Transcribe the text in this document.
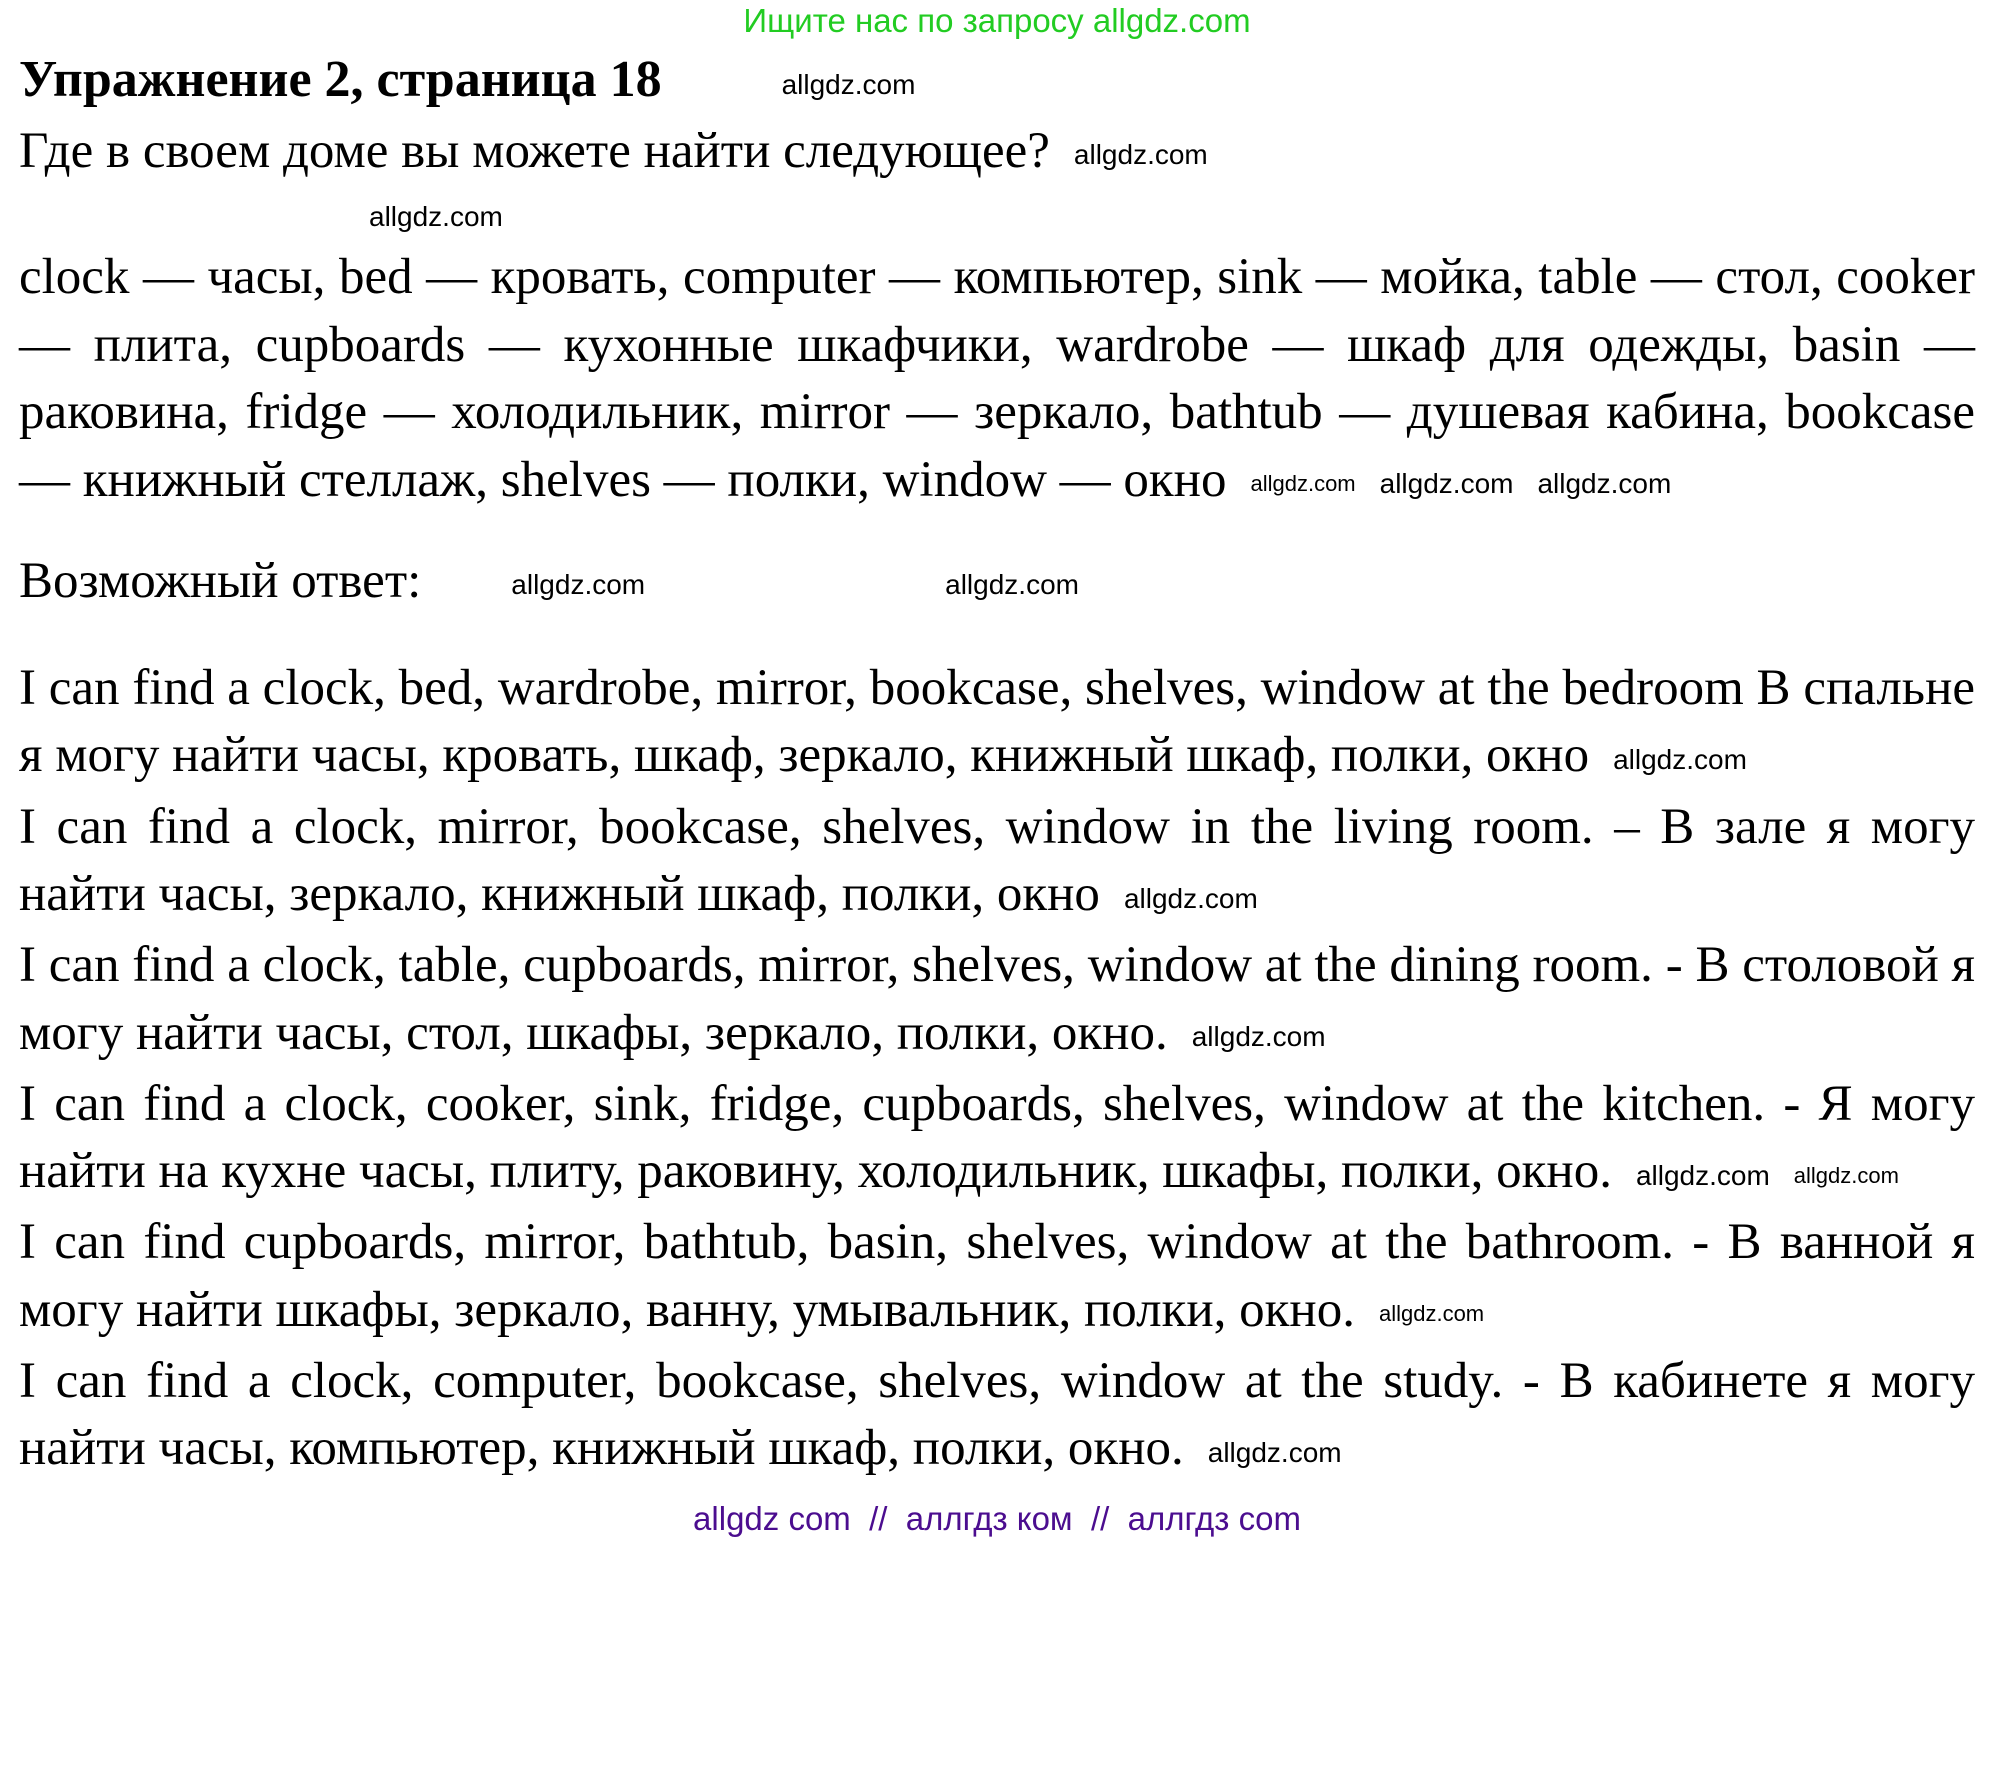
Ищите нас по запросу allgdz.com
Упражнение 2, страница 18	allgdz.com
Где в своем доме вы можете найти следующее? allgdz.com
allgdz.com

clock — часы, bed — кровать, computer — компьютер, sink — мойка, table — стол, cooker — плита, cupboards — кухонные шкафчики, wardrobe — шкаф для одежды, basin — раковина, fridge — холодильник, mirror — зеркало, bathtub — душевая кабина, bookcase — книжный стеллаж, shelves — полки, window — окно allgdz.com allgdz.com allgdz.com

Возможный ответ:	allgdz.com	allgdz.com

I can find a clock, bed, wardrobe, mirror, bookcase, shelves, window at the bedroom В спальне я могу найти часы, кровать, шкаф, зеркало, книжный шкаф, полки, окно allgdz.com

I can find a clock, mirror, bookcase, shelves, window in the living room. – В зале я могу найти часы, зеркало, книжный шкаф, полки, окно allgdz.com

I can find a clock, table, cupboards, mirror, shelves, window at the dining room. - В столовой я могу найти часы, стол, шкафы, зеркало, полки, окно. allgdz.com

I can find a clock, cooker, sink, fridge, cupboards, shelves, window at the kitchen. - Я могу найти на кухне часы, плиту, раковину, холодильник, шкафы, полки, окно. allgdz.com allgdz.com

I can find cupboards, mirror, bathtub, basin, shelves, window at the bathroom. - В ванной я могу найти шкафы, зеркало, ванну, умывальник, полки, окно. allgdz.com

I can find a clock, computer, bookcase, shelves, window at the study. - В кабинете я могу найти часы, компьютер, книжный шкаф, полки, окно. allgdz.com

allgdz com  //  аллгдз ком  //  аллгдз com
